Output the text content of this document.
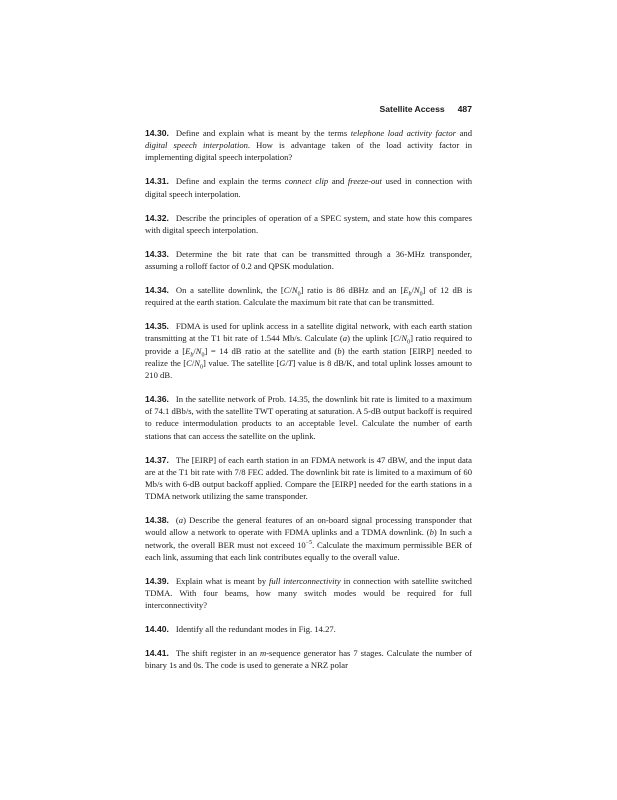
Satellite Access 487

14.30. Define and explain what is meant by the terms telephone load activity factor and digital speech interpolation. How is advantage taken of the load activity factor in implementing digital speech interpolation?

14.31. Define and explain the terms connect clip and freeze-out used in connection with digital speech interpolation.

14.32. Describe the principles of operation of a SPEC system, and state how this compares with digital speech interpolation.

14.33. Determine the bit rate that can be transmitted through a 36-MHz transponder, assuming a rolloff factor of 0.2 and QPSK modulation.

14.34. On a satellite downlink, the $[C/N_0]$ ratio is 86 dBHz and an $[E_b/N_0]$ of 12 dB is required at the earth station. Calculate the maximum bit rate that can be transmitted.

14.35. FDMA is used for uplink access in a satellite digital network, with each earth station transmitting at the T1 bit rate of 1.544 Mb/s. Calculate (a) the uplink $[C/N_0]$ ratio required to provide a $[E_b/N_0] = 14$ dB ratio at the satellite and (b) the earth station [EIRP] needed to realize the $[C/N_0]$ value. The satellite [G/T] value is 8 dB/K, and total uplink losses amount to 210 dB.

14.36. In the satellite network of Prob. 14.35, the downlink bit rate is limited to a maximum of 74.1 dBb/s, with the satellite TWT operating at saturation. A 5-dB output backoff is required to reduce intermodulation products to an acceptable level. Calculate the number of earth stations that can access the satellite on the uplink.

14.37. The [EIRP] of each earth station in an FDMA network is 47 dBW, and the input data are at the T1 bit rate with 7/8 FEC added. The downlink bit rate is limited to a maximum of 60 Mb/s with 6-dB output backoff applied. Compare the [EIRP] needed for the earth stations in a TDMA network utilizing the same transponder.

14.38. (a) Describe the general features of an on-board signal processing transponder that would allow a network to operate with FDMA uplinks and a TDMA downlink. (b) In such a network, the overall BER must not exceed $10^{-5}$. Calculate the maximum permissible BER of each link, assuming that each link contributes equally to the overall value.

14.39. Explain what is meant by full interconnectivity in connection with satellite switched TDMA. With four beams, how many switch modes would be required for full interconnectivity?

14.40. Identify all the redundant modes in Fig. 14.27.

14.41. The shift register in an m-sequence generator has 7 stages. Calculate the number of binary 1s and 0s. The code is used to generate a NRZ polar
